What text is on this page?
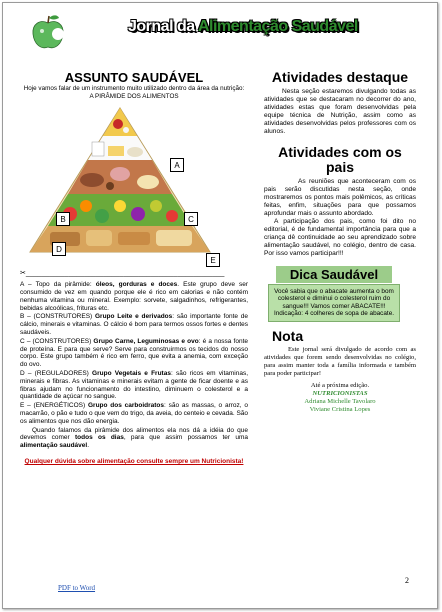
Jornal da Alimentação Saudável
ASSUNTO SAUDÁVEL
Hoje vamos falar de um instrumento muito utilizado dentro da área da nutrição:
A PIRÂMIDE DOS ALIMENTOS
A
B	C
D
E
✂___________________________________________________

A – Topo da pirâmide: óleos, gorduras e doces. Este grupo deve ser consumido de vez em quando porque ele é rico em calorias e não contém nenhuma vitamina ou mineral. Exemplo: sorvete, salgadinhos, refrigerantes, bebidas alcoólicas, frituras etc.

B – (CONSTRUTORES) Grupo Leite e derivados: são importante fonte de cálcio, minerais e vitaminas. O cálcio é bom para termos ossos fortes e dentes saudáveis.

C – (CONSTRUTORES) Grupo Carne, Leguminosas e ovo: é a nossa fonte de proteína. E para que serve? Serve para construirmos os tecidos do nosso corpo. Este grupo também é rico em ferro, que evita a anemia, com exceção do ovo.

D – (REGULADORES) Grupo Vegetais e Frutas: são ricos em vitaminas, minerais e fibras. As vitaminas e minerais evitam a gente de ficar doente e as fibras ajudam no funcionamento do intestino, diminuem o colesterol e a quantidade de açúcar no sangue.

E – (ENERGÉTICOS) Grupo dos carboidratos: são as massas, o arroz, o macarrão, o pão e tudo o que vem do trigo, da aveia, do centeio e cevada. São os alimentos que nos dão energia.

Quando falamos da pirâmide dos alimentos ela nos dá a idéia do que devemos comer todos os dias, para que assim possamos ter uma alimentação saudável.

Qualquer dúvida sobre alimentação consulte sempre um Nutricionista!
Atividades destaque
Nesta seção estaremos divulgando todas as atividades que se destacaram no decorrer do ano, atividades estas que foram desenvolvidas pela equipe técnica de Nutrição, assim como as atividades desenvolvidas pelos professores com os alunos.
Atividades com os pais
As reuniões que aconteceram com os pais serão discutidas nesta seção, onde mostraremos os pontos mais polêmicos, as críticas feitas, enfim, situações para que possamos aprofundar mais o assunto abordado.
A participação dos pais, como foi dito no editorial, é de fundamental importância para que a criança dê continuidade ao seu aprendizado sobre alimentação saudável, no colégio, dentro de casa. Por isso vamos participar!!!
Dica Saudável
Você sabia que o abacate aumenta o bom colesterol e diminui o colesterol ruim do sangue!!! Vamos comer ABACATE!!!
Indicação: 4 colheres de sopa de abacate.
Nota
Este jornal será divulgado de acordo com as atividades que forem sendo desenvolvidas no colégio, para assim manter toda a família informada e também para poder participar!
Até a próxima edição.
NUTRICIONISTAS
Adriana Michelle Tavolaro
Viviane Cristina Lopes
PDF to Word
2
